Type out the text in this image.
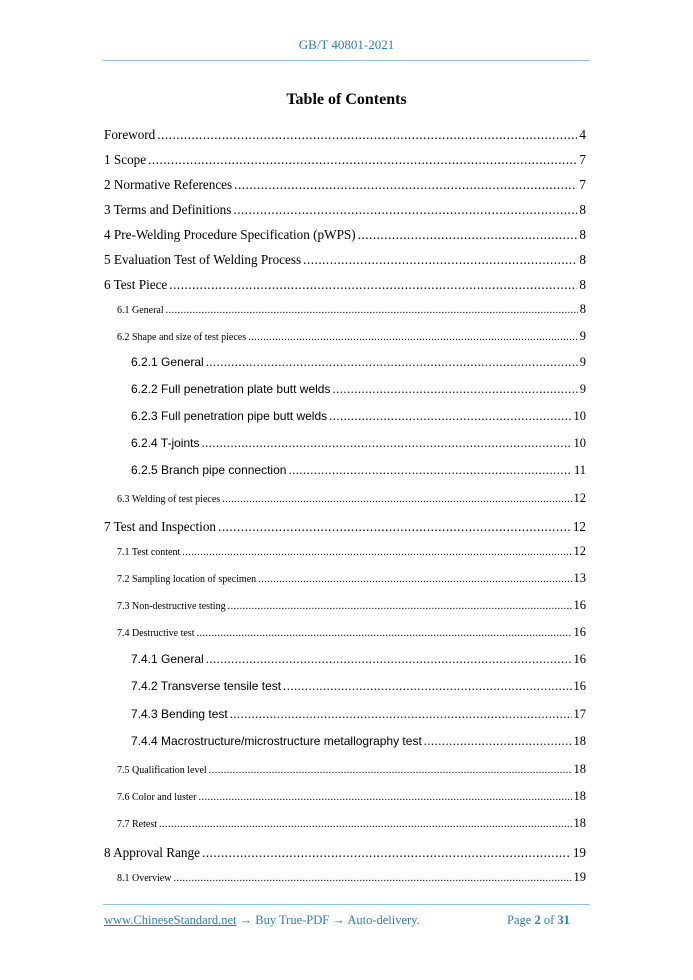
GB/T 40801-2021
Table of Contents
Foreword .....	4
1 Scope .....	7
2 Normative References .....	7
3 Terms and Definitions .....	8
4 Pre-Welding Procedure Specification (pWPS) .....	8
5 Evaluation Test of Welding Process .....	8
6 Test Piece .....	8
6.1 General .....	8
6.2 Shape and size of test pieces .....	9
6.2.1 General .....	9
6.2.2 Full penetration plate butt welds .....	9
6.2.3 Full penetration pipe butt welds .....	10
6.2.4 T-joints .....	10
6.2.5 Branch pipe connection .....	11
6.3 Welding of test pieces .....	12
7 Test and Inspection .....	12
7.1 Test content .....	12
7.2 Sampling location of specimen .....	13
7.3 Non-destructive testing .....	16
7.4 Destructive test .....	16
7.4.1 General .....	16
7.4.2 Transverse tensile test .....	16
7.4.3 Bending test .....	17
7.4.4 Macrostructure/microstructure metallography test .....	18
7.5 Qualification level .....	18
7.6 Color and luster .....	18
7.7 Retest .....	18
8 Approval Range .....	19
8.1 Overview .....	19
www.ChineseStandard.net → Buy True-PDF → Auto-delivery.	Page 2 of 31
